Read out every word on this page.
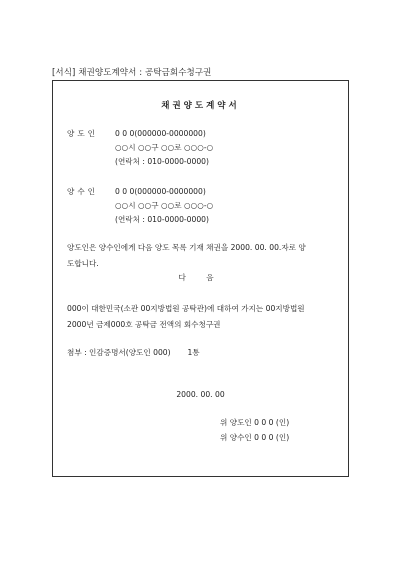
[서식] 채권양도계약서 : 공탁금회수청구권
채권양도계약서
양도인 0 0 0(000000-0000000)
○○시 ○○구 ○○로 ○○○-○
(연락처 : 010-0000-0000)
양수인 0 0 0(000000-0000000)
○○시 ○○구 ○○로 ○○○-○
(연락처 : 010-0000-0000)
양도인은 양수인에게 다음 양도 목록 기재 채권을 2000. 00. 00.자로 양
도합니다.
다 음
000이 대한민국(소관 00지방법원 공탁관)에 대하여 가지는 00지방법원
2000년 금제000호 공탁금 전액의 회수청구권
첨부 : 인감증명서(양도인 000)       1통
2000. 00. 00
위 양도인 0 0 0 (인)
위 양수인 0 0 0 (인)
